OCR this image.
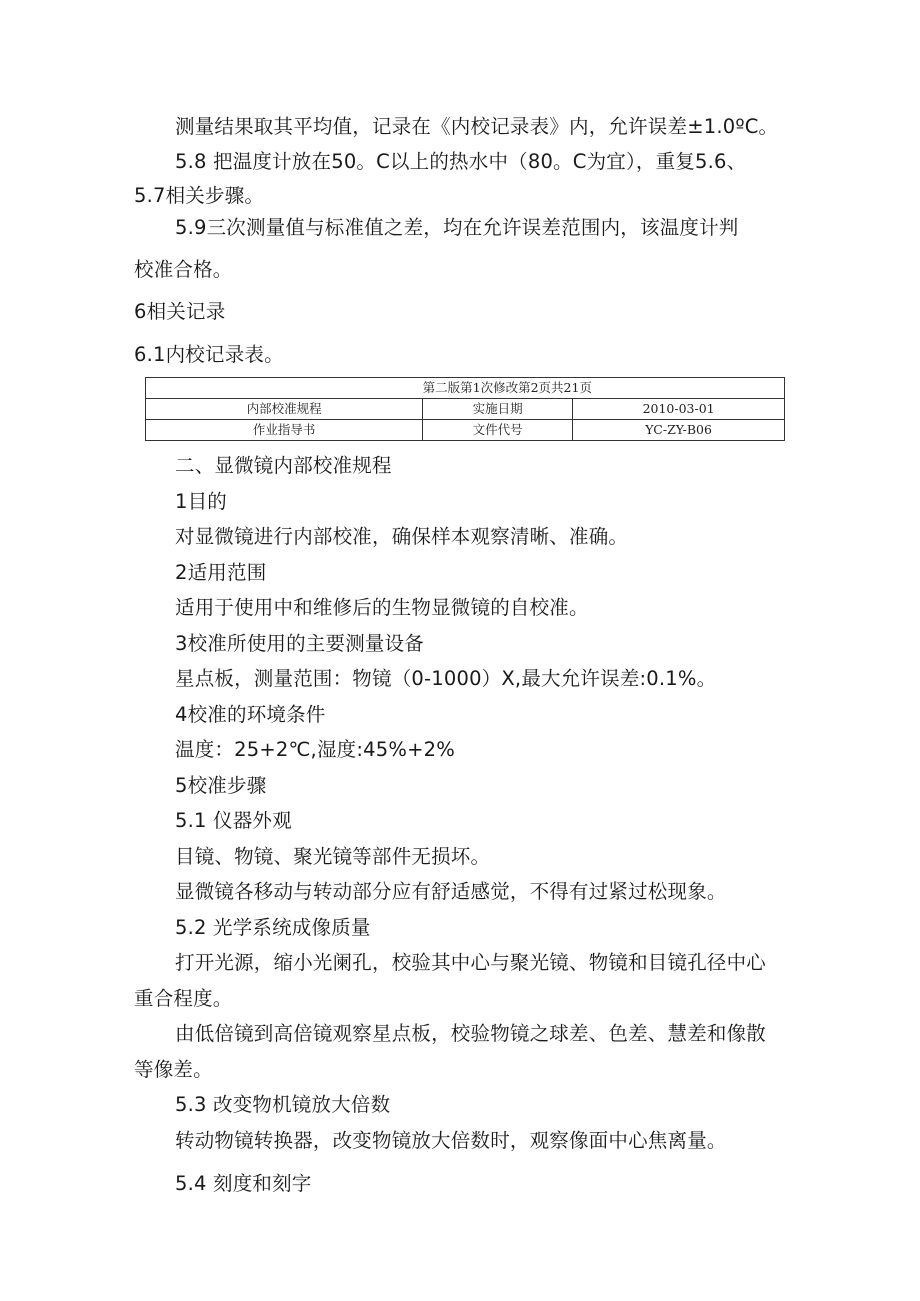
测量结果取其平均值，记录在《内校记录表》内，允许误差±1.0ºC。
5.8 把温度计放在50。C以上的热水中（80。C为宜），重复5.6、
5.7相关步骤。
5.9三次测量值与标准值之差，均在允许误差范围内，该温度计判
校准合格。
6相关记录
6.1内校记录表。
	第二版第1次修改第2页共21页	
内部校准规程	实施日期	2010-03-01
作业指导书	文件代号	YC-ZY-B06
二、显微镜内部校准规程
1目的
对显微镜进行内部校准，确保样本观察清晰、准确。
2适用范围
适用于使用中和维修后的生物显微镜的自校准。
3校准所使用的主要测量设备
星点板，测量范围：物镜（0-1000）X,最大允许误差:0.1%。
4校准的环境条件
温度：25+2℃,湿度:45%+2%
5校准步骤
5.1 仪器外观
目镜、物镜、聚光镜等部件无损坏。
显微镜各移动与转动部分应有舒适感觉，不得有过紧过松现象。
5.2 光学系统成像质量
打开光源，缩小光阑孔，校验其中心与聚光镜、物镜和目镜孔径中心
重合程度。
由低倍镜到高倍镜观察星点板，校验物镜之球差、色差、慧差和像散
等像差。
5.3 改变物机镜放大倍数
转动物镜转换器，改变物镜放大倍数时，观察像面中心焦离量。
5.4 刻度和刻字
